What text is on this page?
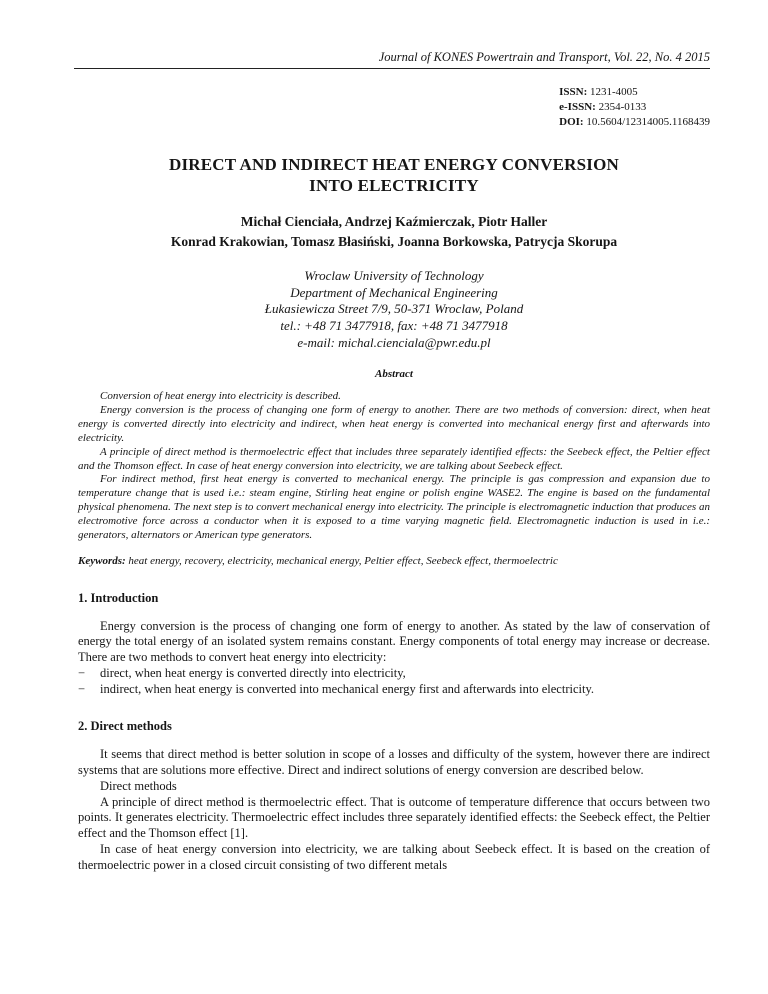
Journal of KONES Powertrain and Transport, Vol. 22, No. 4 2015
ISSN: 1231-4005
e-ISSN: 2354-0133
DOI: 10.5604/12314005.1168439
DIRECT AND INDIRECT HEAT ENERGY CONVERSION
INTO ELECTRICITY
Michał Cienciała, Andrzej Kaźmierczak, Piotr Haller
Konrad Krakowian, Tomasz Błasiński, Joanna Borkowska, Patrycja Skorupa
Wroclaw University of Technology
Department of Mechanical Engineering
Łukasiewicza Street 7/9, 50-371 Wroclaw, Poland
tel.: +48 71 3477918, fax: +48 71 3477918
e-mail: michal.cienciala@pwr.edu.pl
Abstract

Conversion of heat energy into electricity is described.

Energy conversion is the process of changing one form of energy to another. There are two methods of conversion: direct, when heat energy is converted directly into electricity and indirect, when heat energy is converted into mechanical energy first and afterwards into electricity.

A principle of direct method is thermoelectric effect that includes three separately identified effects: the Seebeck effect, the Peltier effect and the Thomson effect. In case of heat energy conversion into electricity, we are talking about Seebeck effect.

For indirect method, first heat energy is converted to mechanical energy. The principle is gas compression and expansion due to temperature change that is used i.e.: steam engine, Stirling heat engine or polish engine WASE2. The engine is based on the fundamental physical phenomena. The next step is to convert mechanical energy into electricity. The principle is electromagnetic induction that produces an electromotive force across a conductor when it is exposed to a time varying magnetic field. Electromagnetic induction is used in i.e.: generators, alternators or American type generators.

Keywords: heat energy, recovery, electricity, mechanical energy, Peltier effect, Seebeck effect, thermoelectric
1. Introduction

Energy conversion is the process of changing one form of energy to another. As stated by the law of conservation of energy the total energy of an isolated system remains constant. Energy components of total energy may increase or decrease. There are two methods to convert heat energy into electricity:

−	direct, when heat energy is converted directly into electricity,
−	indirect, when heat energy is converted into mechanical energy first and afterwards into electricity.
2. Direct methods

It seems that direct method is better solution in scope of a losses and difficulty of the system, however there are indirect systems that are solutions more effective. Direct and indirect solutions of energy conversion are described below.

Direct methods

A principle of direct method is thermoelectric effect. That is outcome of temperature difference that occurs between two points. It generates electricity. Thermoelectric effect includes three separately identified effects: the Seebeck effect, the Peltier effect and the Thomson effect [1].

In case of heat energy conversion into electricity, we are talking about Seebeck effect. It is based on the creation of thermoelectric power in a closed circuit consisting of two different metals
